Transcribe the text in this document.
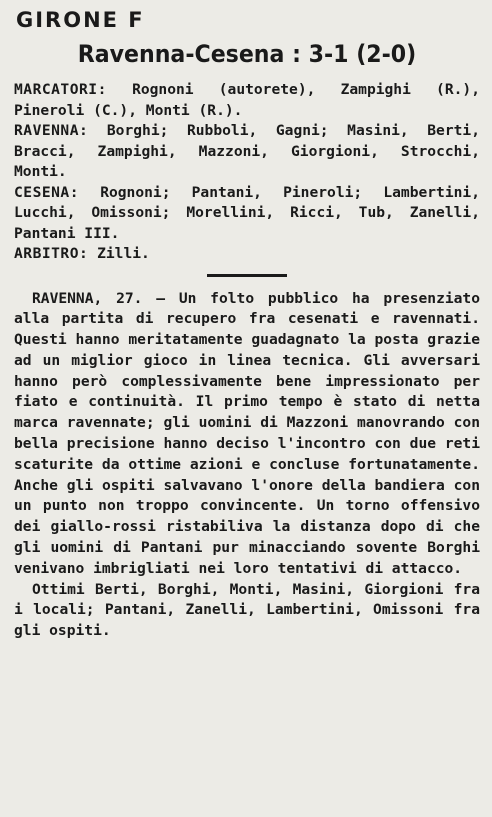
GIRONE F
Ravenna-Cesena : 3-1 (2-0)

MARCATORI: Rognoni (autorete), Zampighi (R.), Pineroli (C.), Monti (R.).

RAVENNA: Borghi; Rubboli, Gagni; Masini, Berti, Bracci, Zampighi, Mazzoni, Giorgioni, Strocchi, Monti.

CESENA: Rognoni; Pantani, Pineroli; Lambertini, Lucchi, Omissoni; Morellini, Ricci, Tub, Zanelli, Pantani III.

ARBITRO: Zilli.

RAVENNA, 27. — Un folto pubblico ha presenziato alla partita di recupero fra cesenati e ravennati. Questi hanno meritatamente guadagnato la posta grazie ad un miglior gioco in linea tecnica. Gli avversari hanno però complessivamente bene impressionato per fiato e continuità. Il primo tempo è stato di netta marca ravennate; gli uomini di Mazzoni manovrando con bella precisione hanno deciso l'incontro con due reti scaturite da ottime azioni e concluse fortunatamente. Anche gli ospiti salvavano l'onore della bandiera con un punto non troppo convincente. Un torno offensivo dei giallo-rossi ristabiliva la distanza dopo di che gli uomini di Pantani pur minacciando sovente Borghi venivano imbrigliati nei loro tentativi di attacco.

Ottimi Berti, Borghi, Monti, Masini, Giorgioni fra i locali; Pantani, Zanelli, Lambertini, Omissoni fra gli ospiti.
